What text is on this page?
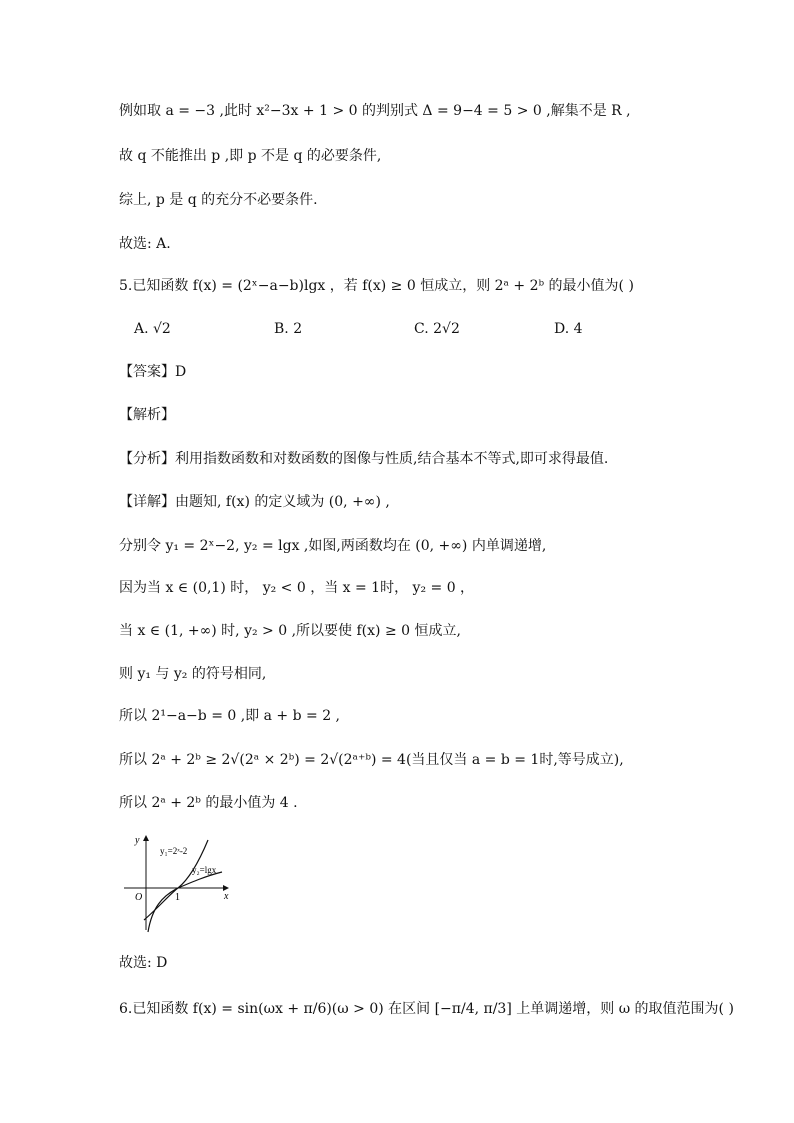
例如取 a = −3 ,此时 x²−3x + 1 > 0 的判别式 Δ = 9−4 = 5 > 0 ,解集不是 R ,
故 q 不能推出 p ,即 p 不是 q 的必要条件,
综上, p 是 q 的充分不必要条件.
故选: A.
5.已知函数 f(x) = (2ˣ−a−b)lgx ，若 f(x) ≥ 0 恒成立，则 2ᵃ + 2ᵇ 的最小值为( )
A. √2	B. 2	C. 2√2	D. 4
【答案】D
【解析】
【分析】利用指数函数和对数函数的图像与性质,结合基本不等式,即可求得最值.
【详解】由题知, f(x) 的定义域为 (0, +∞) ,
分别令 y₁ = 2ˣ−2, y₂ = lgx ,如图,两函数均在 (0, +∞) 内单调递增,
因为当 x ∈ (0,1) 时， y₂ < 0 ，当 x = 1时， y₂ = 0 ，
当 x ∈ (1, +∞) 时, y₂ > 0 ,所以要使 f(x) ≥ 0 恒成立,
则 y₁ 与 y₂ 的符号相同,
所以 2¹−a−b = 0 ,即 a + b = 2 ,
所以 2ᵃ + 2ᵇ ≥ 2√(2ᵃ × 2ᵇ) = 2√(2ᵃ⁺ᵇ) = 4(当且仅当 a = b = 1时,等号成立),
所以 2ᵃ + 2ᵇ 的最小值为 4 .
y
x
O	1
y₁=2ˣ-2
y₂=lgx
故选: D
6.已知函数 f(x) = sin(ωx + π/6)(ω > 0) 在区间 [−π/4, π/3] 上单调递增，则 ω 的取值范围为( )
